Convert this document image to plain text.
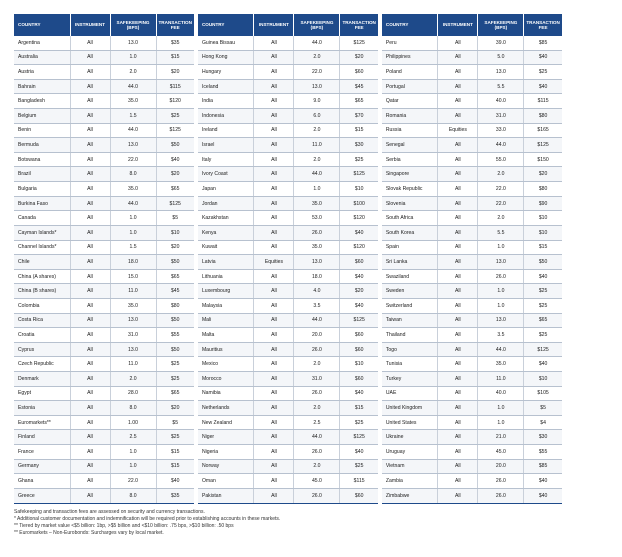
COUNTRY	INSTRUMENT	SAFEKEEPING (BPS)	TRANSACTION FEE
Argentina	All	13.0	$35
Australia	All	1.0	$15
Austria	All	2.0	$20
Bahrain	All	44.0	$115
Bangladesh	All	35.0	$120
Belgium	All	1.5	$25
Benin	All	44.0	$125
Bermuda	All	13.0	$50
Botswana	All	22.0	$40
Brazil	All	8.0	$20
Bulgaria	All	35.0	$65
Burkina Faso	All	44.0	$125
Canada	All	1.0	$5
Cayman Islands*	All	1.0	$10
Channel Islands*	All	1.5	$20
Chile	All	18.0	$50
China (A shares)	All	15.0	$65
China (B shares)	All	11.0	$45
Colombia	All	35.0	$80
Costa Rica	All	13.0	$50
Croatia	All	31.0	$55
Cyprus	All	13.0	$50
Czech Republic	All	11.0	$25
Denmark	All	2.0	$25
Egypt	All	28.0	$65
Estonia	All	8.0	$20
Euromarkets**	All	1.00	$5
Finland	All	2.5	$25
France	All	1.0	$15
Germany	All	1.0	$15
Ghana	All	22.0	$40
Greece	All	8.0	$35
COUNTRY	INSTRUMENT	SAFEKEEPING (BPS)	TRANSACTION FEE
Guinea Bissau	All	44.0	$125
Hong Kong	All	2.0	$20
Hungary	All	22.0	$60
Iceland	All	13.0	$45
India	All	9.0	$65
Indonesia	All	6.0	$70
Ireland	All	2.0	$15
Israel	All	11.0	$30
Italy	All	2.0	$25
Ivory Coast	All	44.0	$125
Japan	All	1.0	$10
Jordan	All	35.0	$100
Kazakhstan	All	53.0	$120
Kenya	All	26.0	$40
Kuwait	All	35.0	$120
Latvia	Equities	13.0	$60
Lithuania	All	18.0	$40
Luxembourg	All	4.0	$20
Malaysia	All	3.5	$40
Mali	All	44.0	$125
Malta	All	20.0	$60
Mauritius	All	26.0	$60
Mexico	All	2.0	$10
Morocco	All	31.0	$60
Namibia	All	26.0	$40
Netherlands	All	2.0	$15
New Zealand	All	2.5	$25
Niger	All	44.0	$125
Nigeria	All	26.0	$40
Norway	All	2.0	$25
Oman	All	45.0	$115
Pakistan	All	26.0	$60
COUNTRY	INSTRUMENT	SAFEKEEPING (BPS)	TRANSACTION FEE
Peru	All	39.0	$85
Philippines	All	5.0	$40
Poland	All	13.0	$25
Portugal	All	5.5	$40
Qatar	All	40.0	$115
Romania	All	31.0	$80
Russia	Equities	33.0	$165
Senegal	All	44.0	$125
Serbia	All	55.0	$150
Singapore	All	2.0	$20
Slovak Republic	All	22.0	$80
Slovenia	All	22.0	$90
South Africa	All	2.0	$10
South Korea	All	5.5	$10
Spain	All	1.0	$15
Sri Lanka	All	13.0	$50
Swaziland	All	26.0	$40
Sweden	All	1.0	$25
Switzerland	All	1.0	$25
Taiwan	All	13.0	$65
Thailand	All	3.5	$25
Togo	All	44.0	$125
Tunisia	All	35.0	$40
Turkey	All	11.0	$10
UAE	All	40.0	$105
United Kingdom	All	1.0	$5
United States	All	1.0	$4
Ukraine	All	21.0	$30
Uruguay	All	45.0	$55
Vietnam	All	20.0	$85
Zambia	All	26.0	$40
Zimbabwe	All	26.0	$40

Safekeeping and transaction fees are assessed on security and currency transactions.

* Additional customer documentation and indemnification will be required prior to establishing accounts in these markets.

** Tiered by market value <$5 billion: 1bp, >$5 billion and <$10 billion: .75 bps, >$10 billion: .50 bps

** Euromarkets – Non-Eurobonds: Surcharges vary by local market.
